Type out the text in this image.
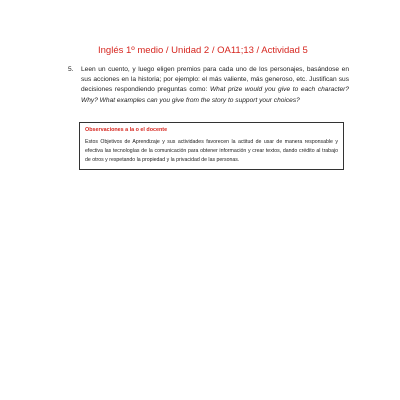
Inglés 1º medio / Unidad 2 / OA11;13 / Actividad 5
5. Leen un cuento, y luego eligen premios para cada uno de los personajes, basándose en sus acciones en la historia; por ejemplo: el más valiente, más generoso, etc. Justifican sus decisiones respondiendo preguntas como: What prize would you give to each character? Why? What examples can you give from the story to support your choices?
Observaciones a la o el docente
Estos Objetivos de Aprendizaje y sus actividades favorecen la actitud de usar de manera responsable y efectiva las tecnologías de la comunicación para obtener información y crear textos, dando crédito al trabajo de otros y respetando la propiedad y la privacidad de las personas.
